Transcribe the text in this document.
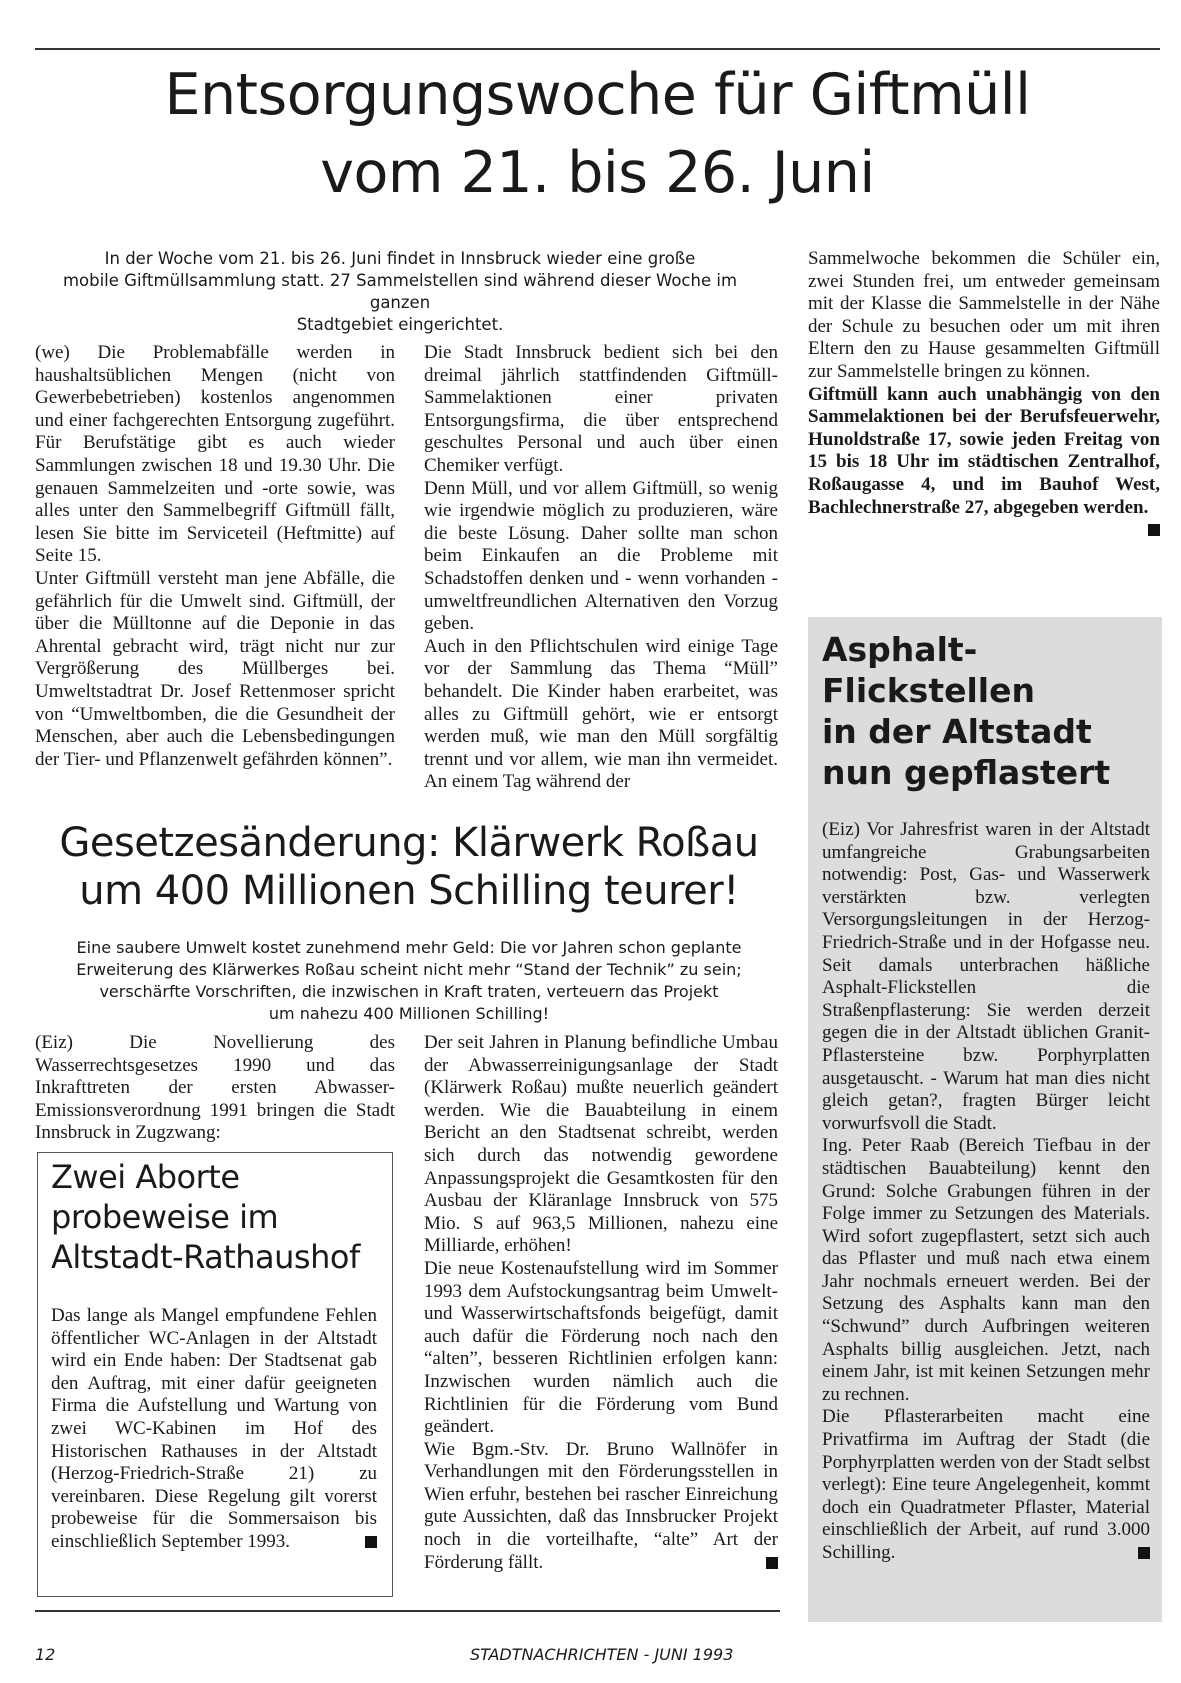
Entsorgungswoche für Giftmüll
vom 21. bis 26. Juni
In der Woche vom 21. bis 26. Juni findet in Innsbruck wieder eine große
mobile Giftmüllsammlung statt. 27 Sammelstellen sind während dieser Woche im ganzen
Stadtgebiet eingerichtet.

(we) Die Problemabfälle werden in haushaltsüblichen Mengen (nicht von Gewerbebetrieben) kostenlos angenommen und einer fachgerechten Entsorgung zugeführt. Für Berufstätige gibt es auch wieder Sammlungen zwischen 18 und 19.30 Uhr. Die genauen Sammelzeiten und -orte sowie, was alles unter den Sammelbegriff Giftmüll fällt, lesen Sie bitte im Serviceteil (Heftmitte) auf Seite 15.

Unter Giftmüll versteht man jene Abfälle, die gefährlich für die Umwelt sind. Giftmüll, der über die Mülltonne auf die Deponie in das Ahrental gebracht wird, trägt nicht nur zur Vergrößerung des Müllberges bei. Umweltstadtrat Dr. Josef Rettenmoser spricht von “Umweltbomben, die die Gesundheit der Menschen, aber auch die Lebensbedingungen der Tier- und Pflanzenwelt gefährden können”.

Die Stadt Innsbruck bedient sich bei den dreimal jährlich stattfindenden Giftmüll-Sammelaktionen einer privaten Entsorgungsfirma, die über entsprechend geschultes Personal und auch über einen Chemiker verfügt.

Denn Müll, und vor allem Giftmüll, so wenig wie irgendwie möglich zu produzieren, wäre die beste Lösung. Daher sollte man schon beim Einkaufen an die Probleme mit Schadstoffen denken und - wenn vorhanden - umweltfreundlichen Alternativen den Vorzug geben.

Auch in den Pflichtschulen wird einige Tage vor der Sammlung das Thema “Müll” behandelt. Die Kinder haben erarbeitet, was alles zu Giftmüll gehört, wie er entsorgt werden muß, wie man den Müll sorgfältig trennt und vor allem, wie man ihn vermeidet. An einem Tag während der

Sammelwoche bekommen die Schüler ein, zwei Stunden frei, um entweder gemeinsam mit der Klasse die Sammelstelle in der Nähe der Schule zu besuchen oder um mit ihren Eltern den zu Hause gesammelten Giftmüll zur Sammelstelle bringen zu können.

Giftmüll kann auch unabhängig von den Sammelaktionen bei der Berufsfeuerwehr, Hunoldstraße 17, sowie jeden Freitag von 15 bis 18 Uhr im städtischen Zentralhof, Roßaugasse 4, und im Bauhof West, Bachlechnerstraße 27, abgegeben werden.

Gesetzesänderung: Klärwerk Roßau
um 400 Millionen Schilling teurer!
Eine saubere Umwelt kostet zunehmend mehr Geld: Die vor Jahren schon geplante
Erweiterung des Klärwerkes Roßau scheint nicht mehr “Stand der Technik” zu sein;
verschärfte Vorschriften, die inzwischen in Kraft traten, verteuern das Projekt
um nahezu 400 Millionen Schilling!

(Eiz) Die Novellierung des Wasserrechtsgesetzes 1990 und das Inkrafttreten der ersten Abwasser-Emissionsverordnung 1991 bringen die Stadt Innsbruck in Zugzwang:

Der seit Jahren in Planung befindliche Umbau der Abwasserreinigungsanlage der Stadt (Klärwerk Roßau) mußte neuerlich geändert werden. Wie die Bauabteilung in einem Bericht an den Stadtsenat schreibt, werden sich durch das notwendig gewordene Anpassungsprojekt die Gesamtkosten für den Ausbau der Kläranlage Innsbruck von 575 Mio. S auf 963,5 Millionen, nahezu eine Milliarde, erhöhen!

Die neue Kostenaufstellung wird im Sommer 1993 dem Aufstockungsantrag beim Umwelt- und Wasserwirtschaftsfonds beigefügt, damit auch dafür die Förderung noch nach den “alten”, besseren Richtlinien erfolgen kann: Inzwischen wurden nämlich auch die Richtlinien für die Förderung vom Bund geändert.

Wie Bgm.-Stv. Dr. Bruno Wallnöfer in Verhandlungen mit den Förderungsstellen in Wien erfuhr, bestehen bei rascher Einreichung gute Aussichten, daß das Innsbrucker Projekt noch in die vorteilhafte, “alte” Art der Förderung fällt.

Zwei Aborte
probeweise im
Altstadt-Rathaushof

Das lange als Mangel empfundene Fehlen öffentlicher WC-Anlagen in der Altstadt wird ein Ende haben: Der Stadtsenat gab den Auftrag, mit einer dafür geeigneten Firma die Aufstellung und Wartung von zwei WC-Kabinen im Hof des Historischen Rathauses in der Altstadt (Herzog-Friedrich-Straße 21) zu vereinbaren. Diese Regelung gilt vorerst probeweise für die Sommersaison bis einschließlich September 1993.

Asphalt-
Flickstellen
in der Altstadt
nun gepflastert

(Eiz) Vor Jahresfrist waren in der Altstadt umfangreiche Grabungsarbeiten notwendig: Post, Gas- und Wasserwerk verstärkten bzw. verlegten Versorgungsleitungen in der Herzog-Friedrich-Straße und in der Hofgasse neu. Seit damals unterbrachen häßliche Asphalt-Flickstellen die Straßenpflasterung: Sie werden derzeit gegen die in der Altstadt üblichen Granit-Pflastersteine bzw. Porphyrplatten ausgetauscht. - Warum hat man dies nicht gleich getan?, fragten Bürger leicht vorwurfsvoll die Stadt.

Ing. Peter Raab (Bereich Tiefbau in der städtischen Bauabteilung) kennt den Grund: Solche Grabungen führen in der Folge immer zu Setzungen des Materials. Wird sofort zugepflastert, setzt sich auch das Pflaster und muß nach etwa einem Jahr nochmals erneuert werden. Bei der Setzung des Asphalts kann man den “Schwund” durch Aufbringen weiteren Asphalts billig ausgleichen. Jetzt, nach einem Jahr, ist mit keinen Setzungen mehr zu rechnen.

Die Pflasterarbeiten macht eine Privatfirma im Auftrag der Stadt (die Porphyrplatten werden von der Stadt selbst verlegt): Eine teure Angelegenheit, kommt doch ein Quadratmeter Pflaster, Material einschließlich der Arbeit, auf rund 3.000 Schilling.

12	STADTNACHRICHTEN - JUNI 1993
